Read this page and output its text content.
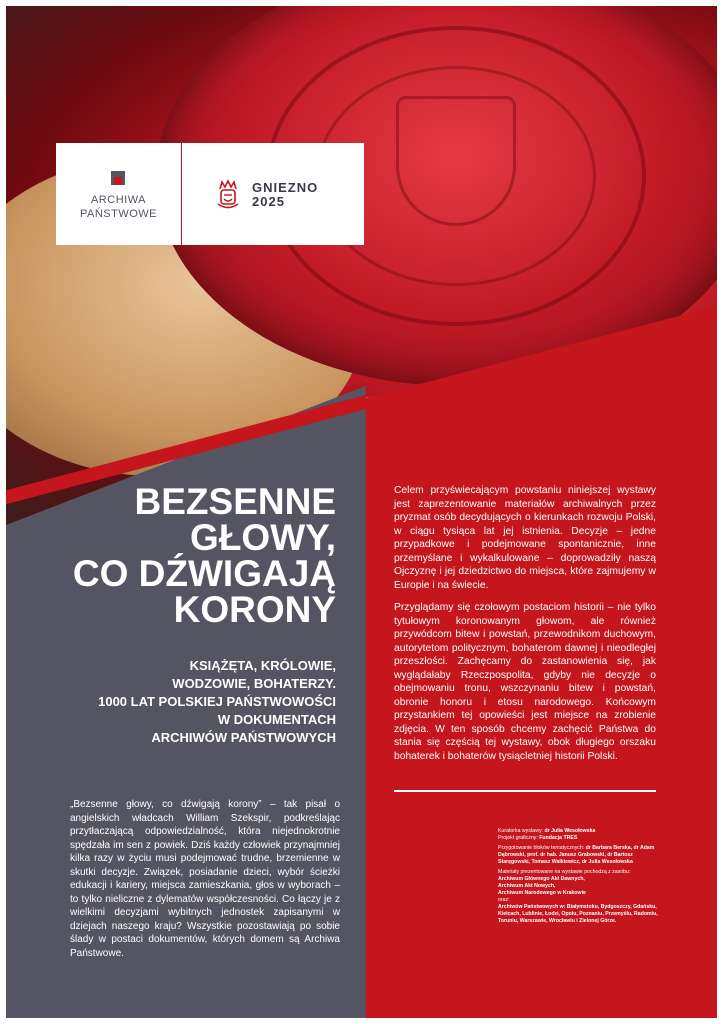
ARCHIWA
PAŃSTWOWE
GNIEZNO
2025
BEZSENNE
GŁOWY,
CO DŹWIGAJĄ
KORONY
KSIĄŻĘTA, KRÓLOWIE,
WODZOWIE, BOHATERZY.
1000 LAT POLSKIEJ PAŃSTWOWOŚCI
W DOKUMENTACH
ARCHIWÓW PAŃSTWOWYCH
„Bezsenne głowy, co dźwigają korony” – tak pisał o angielskich władcach William Szekspir, podkreślając przytłaczającą odpowiedzialność, która niejednokrotnie spędzała im sen z powiek. Dziś każdy człowiek przynajmniej kilka razy w życiu musi podejmować trudne, brzemienne w skutki decyzje. Związek, posiadanie dzieci, wybór ścieżki edukacji i kariery, miejsca zamieszkania, głos w wyborach – to tylko nieliczne z dylematów współczesności. Co łączy je z wielkimi decyzjami wybitnych jednostek zapisanymi w dziejach naszego kraju? Wszystkie pozostawiają po sobie ślady w postaci dokumentów, których domem są Archiwa Państwowe.

Celem przyświecającym powstaniu niniejszej wystawy jest zaprezentowanie materiałów archiwalnych przez pryzmat osób decydujących o kierunkach rozwoju Polski, w ciągu tysiąca lat jej istnienia. Decyzje – jedne przypadkowe i podejmowane spontanicznie, inne przemyślane i wykalkulowane – doprowadziły naszą Ojczyznę i jej dziedzictwo do miejsca, które zajmujemy w Europie i na świecie.

Przyglądamy się czołowym postaciom historii – nie tylko tytułowym koronowanym głowom, ale również przywódcom bitew i powstań, przewodnikom duchowym, autorytetom politycznym, bohaterom dawnej i nieodległej przeszłości. Zachęcamy do zastanowienia się, jak wyglądałaby Rzeczpospolita, gdyby nie decyzje o obejmowaniu tronu, wszczynaniu bitew i powstań, obronie honoru i etosu narodowego. Końcowym przystankiem tej opowieści jest miejsce na zrobienie zdjęcia. W ten sposób chcemy zachęcić Państwa do stania się częścią tej wystawy, obok długiego orszaku bohaterek i bohaterów tysiącletniej historii Polski.

Kuratorka wystawy: dr Julia Wesołowska
Projekt graficzny: Fundacja TRES
Przygotowanie bloków tematycznych: dr Barbara Berska, dr Adam Dąbrowski, prof. dr hab. Janusz Grabowski, dr Bartosz Staręgowski, Tomasz Walkiewicz, dr Julia Wesołowska
Materiały prezentowane na wystawie pochodzą z zasobu:
Archiwum Głównego Akt Dawnych,
Archiwum Akt Nowych,
Archiwum Narodowego w Krakowie
oraz:
Archiwów Państwowych w: Białymstoku, Bydgoszczy, Gdańsku, Kielcach, Lublinie, Łodzi, Opolu, Poznaniu, Przemyślu, Radomiu, Toruniu, Warszawie, Wrocławiu i Zielonej Górze.
